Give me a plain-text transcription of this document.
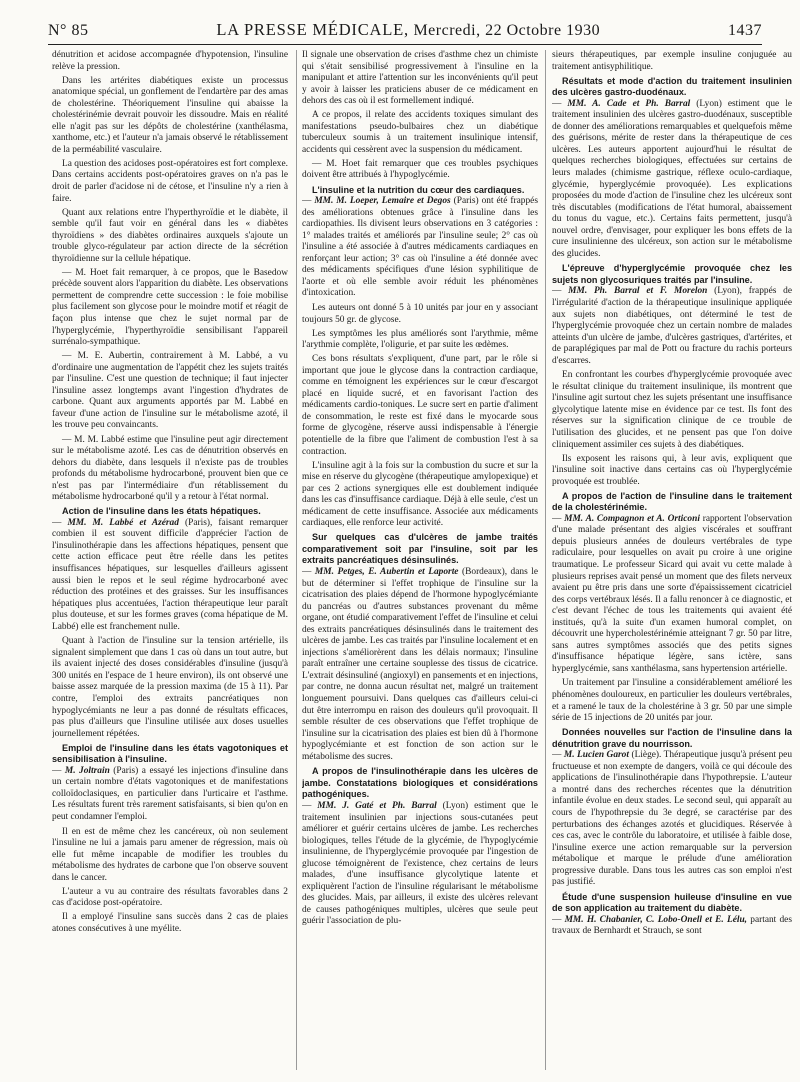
N° 85	LA PRESSE MÉDICALE, Mercredi, 22 Octobre 1930	1437

dénutrition et acidose accompagnée d'hypotension, l'insuline relève la pression.

Dans les artérites diabétiques existe un processus anatomique spécial, un gonflement de l'endartère par des amas de cholestérine. Théoriquement l'insuline qui abaisse la cholestérinémie devrait pouvoir les dissoudre. Mais en réalité elle n'agit pas sur les dépôts de cholestérine (xanthélasma, xanthome, etc.) et l'auteur n'a jamais observé le rétablissement de la perméabilité vasculaire.

La question des acidoses post-opératoires est fort complexe. Dans certains accidents post-opératoires graves on n'a pas le droit de parler d'acidose ni de cétose, et l'insuline n'y a rien à faire.

Quant aux relations entre l'hyperthyroïdie et le diabète, il semble qu'il faut voir en général dans les « diabètes thyroïdiens » des diabètes ordinaires auxquels s'ajoute un trouble glyco-régulateur par action directe de la sécrétion thyroïdienne sur la cellule hépatique.

— M. Hoet fait remarquer, à ce propos, que le Basedow précède souvent alors l'apparition du diabète. Les observations permettent de comprendre cette succession : le foie mobilise plus facilement son glycose pour le moindre motif et réagit de façon plus intense que chez le sujet normal par de l'hyperglycémie, l'hyperthyroïdie sensibilisant l'appareil surrénalo-sympathique.

— M. E. Aubertin, contrairement à M. Labbé, a vu d'ordinaire une augmentation de l'appétit chez les sujets traités par l'insuline. C'est une question de technique; il faut injecter l'insuline assez longtemps avant l'ingestion d'hydrates de carbone. Quant aux arguments apportés par M. Labbé en faveur d'une action de l'insuline sur le métabolisme azoté, il les trouve peu convaincants.

— M. M. Labbé estime que l'insuline peut agir directement sur le métabolisme azoté. Les cas de dénutrition observés en dehors du diabète, dans lesquels il n'existe pas de troubles profonds du métabolisme hydrocarboné, prouvent bien que ce n'est pas par l'intermédiaire d'un rétablissement du métabolisme hydrocarboné qu'il y a retour à l'état normal.

Action de l'insuline dans les états hépatiques.
— MM. M. Labbé et Azérad (Paris), faisant remarquer combien il est souvent difficile d'apprécier l'action de l'insulinothérapie dans les affections hépatiques, pensent que cette action efficace peut être réelle dans les petites insuffisances hépatiques, sur lesquelles d'ailleurs agissent aussi bien le repos et le seul régime hydrocarboné avec réduction des protéines et des graisses. Sur les insuffisances hépatiques plus accentuées, l'action thérapeutique leur paraît plus douteuse, et sur les formes graves (coma hépatique de M. Labbé) elle est franchement nulle.

Quant à l'action de l'insuline sur la tension artérielle, ils signalent simplement que dans 1 cas où dans un tout autre, but ils avaient injecté des doses considérables d'insuline (jusqu'à 300 unités en l'espace de 1 heure environ), ils ont observé une baisse assez marquée de la pression maxima (de 15 à 11). Par contre, l'emploi des extraits pancréatiques non hypoglycémiants ne leur a pas donné de résultats efficaces, pas plus d'ailleurs que l'insuline utilisée aux doses usuelles journellement répétées.

Emploi de l'insuline dans les états vagotoniques et sensibilisation à l'insuline.
— M. Joltrain (Paris) a essayé les injections d'insuline dans un certain nombre d'états vagotoniques et de manifestations colloïdoclasiques, en particulier dans l'urticaire et l'asthme. Les résultats furent très rarement satisfaisants, si bien qu'on en peut condamner l'emploi.

Il en est de même chez les cancéreux, où non seulement l'insuline ne lui a jamais paru amener de régression, mais où elle fut même incapable de modifier les troubles du métabolisme des hydrates de carbone que l'on observe souvent dans le cancer.

L'auteur a vu au contraire des résultats favorables dans 2 cas d'acidose post-opératoire.

Il a employé l'insuline sans succès dans 2 cas de plaies atones consécutives à une myélite.

Il signale une observation de crises d'asthme chez un chimiste qui s'était sensibilisé progressivement à l'insuline en la manipulant et attire l'attention sur les inconvénients qu'il peut y avoir à laisser les praticiens abuser de ce médicament en dehors des cas où il est formellement indiqué.

A ce propos, il relate des accidents toxiques simulant des manifestations pseudo-bulbaires chez un diabétique tuberculeux soumis à un traitement insulinique intensif, accidents qui cessèrent avec la suspension du médicament.

— M. Hoet fait remarquer que ces troubles psychiques doivent être attribués à l'hypoglycémie.

L'insuline et la nutrition du cœur des cardiaques.
— MM. M. Loeper, Lemaire et Degos (Paris) ont été frappés des améliorations obtenues grâce à l'insuline dans les cardiopathies. Ils divisent leurs observations en 3 catégories : 1° malades traités et améliorés par l'insuline seule; 2° cas où l'insuline a été associée à d'autres médicaments cardiaques en renforçant leur action; 3° cas où l'insuline a été donnée avec des médicaments spécifiques d'une lésion syphilitique de l'aorte et où elle semble avoir réduit les phénomènes d'intoxication.

Les auteurs ont donné 5 à 10 unités par jour en y associant toujours 50 gr. de glycose.

Les symptômes les plus améliorés sont l'arythmie, même l'arythmie complète, l'oligurie, et par suite les œdèmes.

Ces bons résultats s'expliquent, d'une part, par le rôle si important que joue le glycose dans la contraction cardiaque, comme en témoignent les expériences sur le cœur d'escargot placé en liquide sucré, et en favorisant l'action des médicaments cardio-toniques. Le sucre sert en partie d'aliment de consommation, le reste est fixé dans le myocarde sous forme de glycogène, réserve aussi indispensable à l'énergie potentielle de la fibre que l'aliment de combustion l'est à sa contraction.

L'insuline agit à la fois sur la combustion du sucre et sur la mise en réserve du glycogène (thérapeutique amylopexique) et par ces 2 actions synergiques elle est doublement indiquée dans les cas d'insuffisance cardiaque. Déjà à elle seule, c'est un médicament de cette insuffisance. Associée aux médicaments cardiaques, elle renforce leur activité.

Sur quelques cas d'ulcères de jambe traités comparativement soit par l'insuline, soit par les extraits pancréatiques désinsulinés.
— MM. Petges, E. Aubertin et Laporte (Bordeaux), dans le but de déterminer si l'effet trophique de l'insuline sur la cicatrisation des plaies dépend de l'hormone hypoglycémiante du pancréas ou d'autres substances provenant du même organe, ont étudié comparativement l'effet de l'insuline et celui des extraits pancréatiques désinsulinés dans le traitement des ulcères de jambe. Les cas traités par l'insuline localement et en injections s'améliorèrent dans les délais normaux; l'insuline paraît entraîner une certaine souplesse des tissus de cicatrice. L'extrait désinsuliné (angioxyl) en pansements et en injections, par contre, ne donna aucun résultat net, malgré un traitement longuement poursuivi. Dans quelques cas d'ailleurs celui-ci dut être interrompu en raison des douleurs qu'il provoquait. Il semble résulter de ces observations que l'effet trophique de l'insuline sur la cicatrisation des plaies est bien dû à l'hormone hypoglycémiante et est fonction de son action sur le métabolisme des sucres.
A propos de l'insulinothérapie dans les ulcères de jambe. Constatations biologiques et considérations pathogéniques.
— MM. J. Gaté et Ph. Barral (Lyon) estiment que le traitement insulinien par injections sous-cutanées peut améliorer et guérir certains ulcères de jambe. Les recherches biologiques, telles l'étude de la glycémie, de l'hypoglycémie insulinienne, de l'hyperglycémie provoquée par l'ingestion de glucose témoignèrent de l'existence, chez certains de leurs malades, d'une insuffisance glycolytique latente et expliquèrent l'action de l'insuline régularisant le métabolisme des glucides. Mais, par ailleurs, il existe des ulcères relevant de causes pathogéniques multiples, ulcères que seule peut guérir l'association de plu-

sieurs thérapeutiques, par exemple insuline conjuguée au traitement antisyphilitique.

Résultats et mode d'action du traitement insulinien des ulcères gastro-duodénaux.
— MM. A. Cade et Ph. Barral (Lyon) estiment que le traitement insulinien des ulcères gastro-duodénaux, susceptible de donner des améliorations remarquables et quelquefois même des guérisons, mérite de rester dans la thérapeutique de ces ulcères. Les auteurs apportent aujourd'hui le résultat de quelques recherches biologiques, effectuées sur certains de leurs malades (chimisme gastrique, réflexe oculo-cardiaque, glycémie, hyperglycémie provoquée). Les explications proposées du mode d'action de l'insuline chez les ulcéreux sont très discutables (modifications de l'état humoral, abaissement du tonus du vague, etc.). Certains faits permettent, jusqu'à nouvel ordre, d'envisager, pour expliquer les bons effets de la cure insulinienne des ulcéreux, son action sur le métabolisme des glucides.
L'épreuve d'hyperglycémie provoquée chez les sujets non glycosuriques traités par l'insuline.
— MM. Ph. Barral et F. Morelon (Lyon), frappés de l'irrégularité d'action de la thérapeutique insulinique appliquée aux sujets non diabétiques, ont déterminé le test de l'hyperglycémie provoquée chez un certain nombre de malades atteints d'un ulcère de jambe, d'ulcères gastriques, d'artérites, et de paraplégiques par mal de Pott ou fracture du rachis porteurs d'escarres.

En confrontant les courbes d'hyperglycémie provoquée avec le résultat clinique du traitement insulinique, ils montrent que l'insuline agit surtout chez les sujets présentant une insuffisance glycolytique latente mise en évidence par ce test. Ils font des réserves sur la signification clinique de ce trouble de l'utilisation des glucides, et ne pensent pas que l'on doive cliniquement assimiler ces sujets à des diabétiques.

Ils exposent les raisons qui, à leur avis, expliquent que l'insuline soit inactive dans certains cas où l'hyperglycémie provoquée est troublée.

A propos de l'action de l'insuline dans le traitement de la cholestérinémie.
— MM. A. Compagnon et A. Orticoni rapportent l'observation d'une malade présentant des algies viscérales et souffrant depuis plusieurs années de douleurs vertébrales de type radiculaire, pour lesquelles on avait pu croire à une origine traumatique. Le professeur Sicard qui avait vu cette malade à plusieurs reprises avait pensé un moment que des filets nerveux avaient pu être pris dans une sorte d'épaississement cicatriciel des corps vertébraux lésés. Il a fallu renoncer à ce diagnostic, et c'est devant l'échec de tous les traitements qui avaient été institués, qu'à la suite d'un examen humoral complet, on découvrit une hypercholestérinémie atteignant 7 gr. 50 par litre, sans autres symptômes associés que des petits signes d'insuffisance hépatique légère, sans ictère, sans hyperglycémie, sans xanthélasma, sans hypertension artérielle.

Un traitement par l'insuline a considérablement amélioré les phénomènes douloureux, en particulier les douleurs vertébrales, et a ramené le taux de la cholestérine à 3 gr. 50 par une simple série de 15 injections de 20 unités par jour.

Données nouvelles sur l'action de l'insuline dans la dénutrition grave du nourrisson.
— M. Lucien Garot (Liège). Thérapeutique jusqu'à présent peu fructueuse et non exempte de dangers, voilà ce qui découle des applications de l'insulinothérapie dans l'hypothrepsie. L'auteur a montré dans des recherches récentes que la dénutrition infantile évolue en deux stades. Le second seul, qui apparaît au cours de l'hypothrepsie du 3e degré, se caractérise par des perturbations des échanges azotés et glucidiques. Réservée à ces cas, avec le contrôle du laboratoire, et utilisée à faible dose, l'insuline exerce une action remarquable sur la perversion métabolique et marque le prélude d'une amélioration progressive durable. Dans tous les autres cas son emploi n'est pas justifié.
Étude d'une suspension huileuse d'insuline en vue de son application au traitement du diabète.
— MM. H. Chabanier, C. Lobo-Onell et E. Lélu, partant des travaux de Bernhardt et Strauch, se sont
